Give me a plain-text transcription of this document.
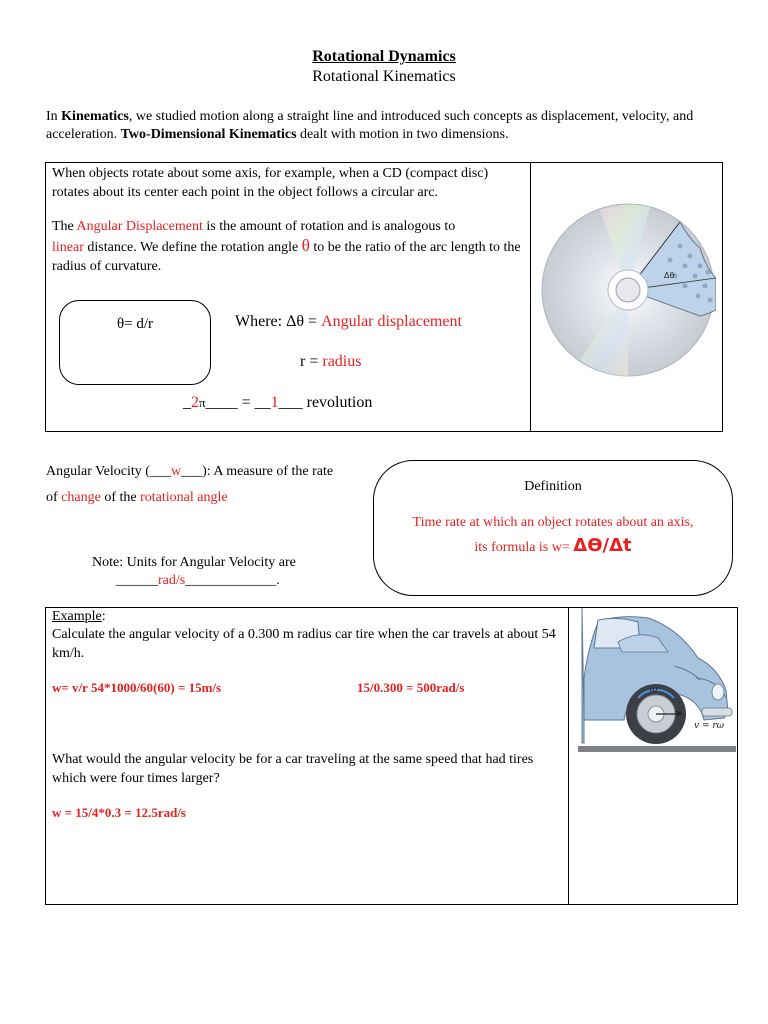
Rotational Dynamics
Rotational Kinematics
In Kinematics, we studied motion along a straight line and introduced such concepts as displacement, velocity, and acceleration. Two-Dimensional Kinematics dealt with motion in two dimensions.
When objects rotate about some axis, for example, when a CD (compact disc) rotates about its center each point in the object follows a circular arc.
The Angular Displacement is the amount of rotation and is analogous to
linear distance. We define the rotation angle θ to be the ratio of the arc length to the radius of curvature.
θ= d/r	Where: Δθ = Angular displacement
r = radius
_2π____ = __1___ revolution
Δθ
Angular Velocity (___w___): A measure of the rate
of change of the rotational angle
Definition
Time rate at which an object rotates about an axis,
its formula is w= ΔѲ/Δt
Note: Units for Angular Velocity are
______rad/s_____________.
Example:
Calculate the angular velocity of a 0.300 m radius car tire when the car travels at about 54 km/h.
w= v/r 54*1000/60(60) = 15m/s	15/0.300 = 500rad/s
What would the angular velocity be for a car traveling at the same speed that had tires which were four times larger?
w = 15/4*0.3 = 12.5rad/s
ω
v
v = rω
